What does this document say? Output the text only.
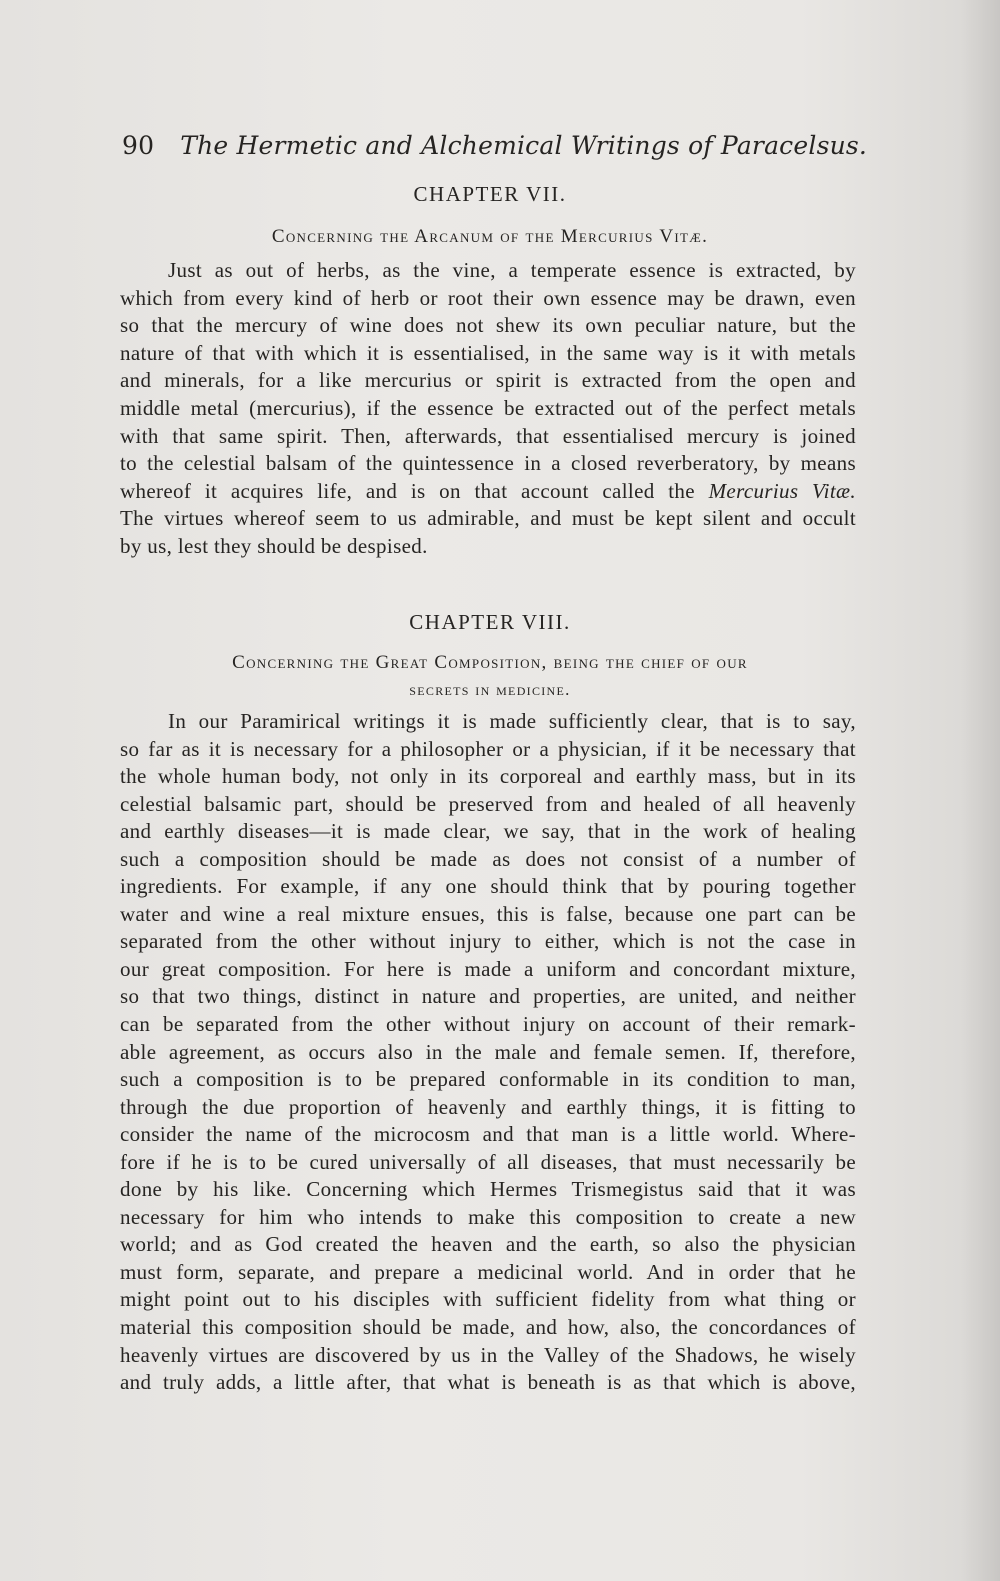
90 The Hermetic and Alchemical Writings of Paracelsus.
CHAPTER VII.
Concerning the Arcanum of the Mercurius Vitæ.
Just as out of herbs, as the vine, a temperate essence is extracted, by
which from every kind of herb or root their own essence may be drawn, even
so that the mercury of wine does not shew its own peculiar nature, but the
nature of that with which it is essentialised, in the same way is it with metals
and minerals, for a like mercurius or spirit is extracted from the open and
middle metal (mercurius), if the essence be extracted out of the perfect metals
with that same spirit. Then, afterwards, that essentialised mercury is joined
to the celestial balsam of the quintessence in a closed reverberatory, by means
whereof it acquires life, and is on that account called the Mercurius Vitæ.
The virtues whereof seem to us admirable, and must be kept silent and occult
by us, lest they should be despised.
CHAPTER VIII.
Concerning the Great Composition, being the chief of our
secrets in medicine.
In our Paramirical writings it is made sufficiently clear, that is to say,
so far as it is necessary for a philosopher or a physician, if it be necessary that
the whole human body, not only in its corporeal and earthly mass, but in its
celestial balsamic part, should be preserved from and healed of all heavenly
and earthly diseases—it is made clear, we say, that in the work of healing
such a composition should be made as does not consist of a number of
ingredients. For example, if any one should think that by pouring together
water and wine a real mixture ensues, this is false, because one part can be
separated from the other without injury to either, which is not the case in
our great composition. For here is made a uniform and concordant mixture,
so that two things, distinct in nature and properties, are united, and neither
can be separated from the other without injury on account of their remark-
able agreement, as occurs also in the male and female semen. If, therefore,
such a composition is to be prepared conformable in its condition to man,
through the due proportion of heavenly and earthly things, it is fitting to
consider the name of the microcosm and that man is a little world. Where-
fore if he is to be cured universally of all diseases, that must necessarily be
done by his like. Concerning which Hermes Trismegistus said that it was
necessary for him who intends to make this composition to create a new
world; and as God created the heaven and the earth, so also the physician
must form, separate, and prepare a medicinal world. And in order that he
might point out to his disciples with sufficient fidelity from what thing or
material this composition should be made, and how, also, the concordances of
heavenly virtues are discovered by us in the Valley of the Shadows, he wisely
and truly adds, a little after, that what is beneath is as that which is above,
